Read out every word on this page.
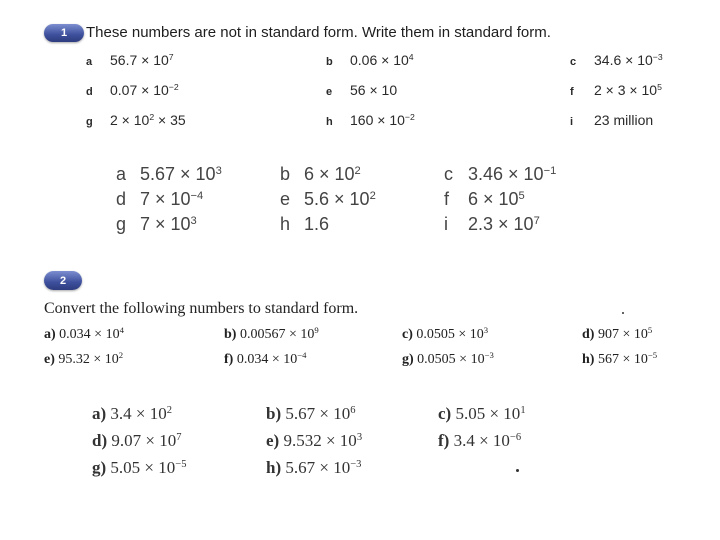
1 These numbers are not in standard form. Write them in standard form.
a $56.7 \times 10^7$	b $0.06 \times 10^4$	c $34.6 \times 10^{-3}$
d $0.07 \times 10^{-2}$	e 56 × 10	f $2 \times 3 \times 10^5$
g $2 \times 10^2 \times 35$	h $160 \times 10^{-2}$	i 23 million
a $5.67 \times 10^3$	b $6 \times 10^2$	c $3.46 \times 10^{-1}$
d $7 \times 10^{-4}$	e $5.6 \times 10^2$	f $6 \times 10^5$
g $7 \times 10^3$	h 1.6	i $2.3 \times 10^7$
2
Convert the following numbers to standard form.
a) $0.034 \times 10^4$	b) $0.00567 \times 10^9$	c) $0.0505 \times 10^3$	d) $907 \times 10^5$
e) $95.32 \times 10^2$	f) $0.034 \times 10^{-4}$	g) $0.0505 \times 10^{-3}$	h) $567 \times 10^{-5}$
a) $3.4 \times 10^2$	b) $5.67 \times 10^6$	c) $5.05 \times 10^1$
d) $9.07 \times 10^7$	e) $9.532 \times 10^3$	f) $3.4 \times 10^{-6}$
g) $5.05 \times 10^{-5}$	h) $5.67 \times 10^{-3}$
